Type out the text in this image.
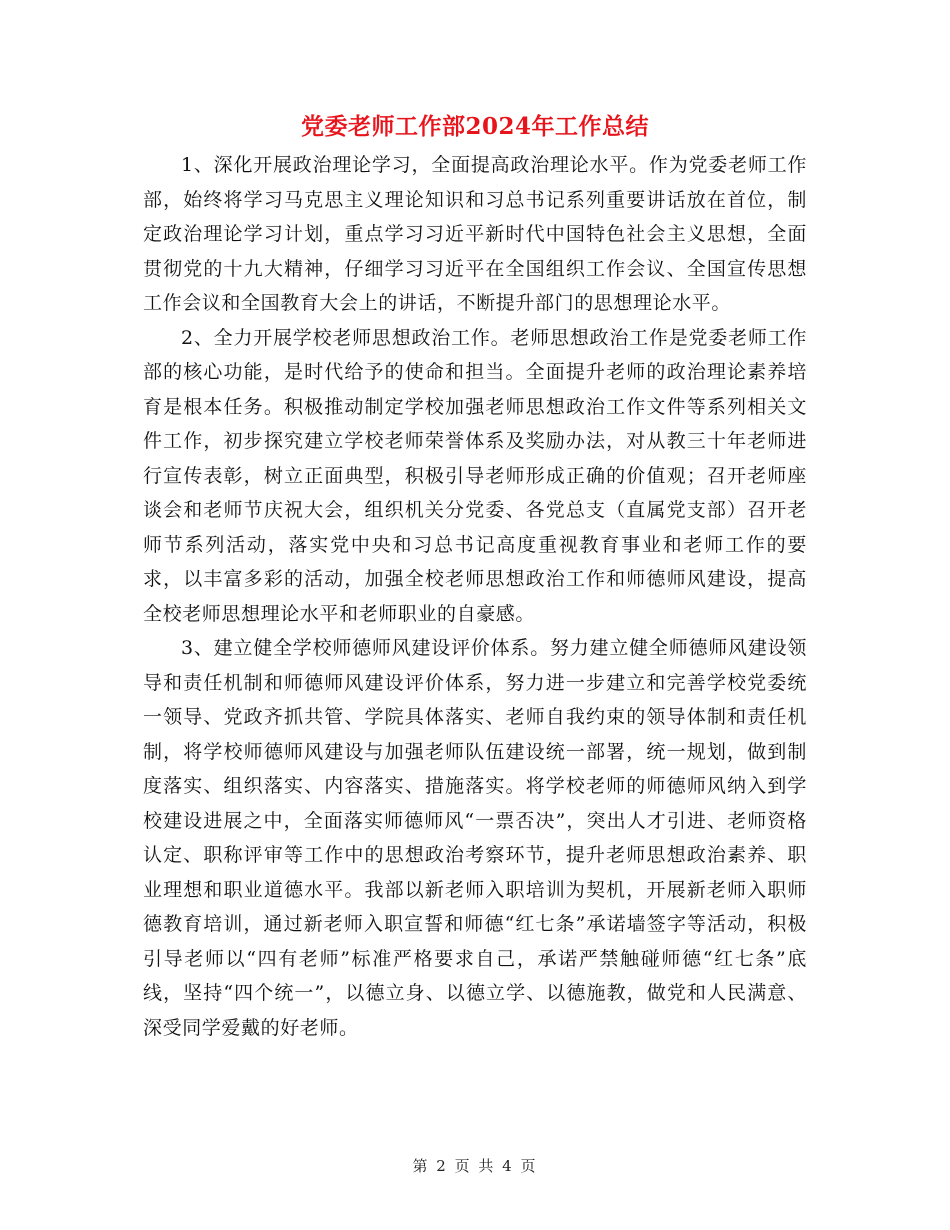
党委老师工作部2024年工作总结

1、深化开展政治理论学习，全面提高政治理论水平。作为党委老师工作部，始终将学习马克思主义理论知识和习总书记系列重要讲话放在首位，制定政治理论学习计划，重点学习习近平新时代中国特色社会主义思想，全面贯彻党的十九大精神，仔细学习习近平在全国组织工作会议、全国宣传思想工作会议和全国教育大会上的讲话，不断提升部门的思想理论水平。

2、全力开展学校老师思想政治工作。老师思想政治工作是党委老师工作部的核心功能，是时代给予的使命和担当。全面提升老师的政治理论素养培育是根本任务。积极推动制定学校加强老师思想政治工作文件等系列相关文件工作，初步探究建立学校老师荣誉体系及奖励办法，对从教三十年老师进行宣传表彰，树立正面典型，积极引导老师形成正确的价值观；召开老师座谈会和老师节庆祝大会，组织机关分党委、各党总支（直属党支部）召开老师节系列活动，落实党中央和习总书记高度重视教育事业和老师工作的要求，以丰富多彩的活动，加强全校老师思想政治工作和师德师风建设，提高全校老师思想理论水平和老师职业的自豪感。

3、建立健全学校师德师风建设评价体系。努力建立健全师德师风建设领导和责任机制和师德师风建设评价体系，努力进一步建立和完善学校党委统一领导、党政齐抓共管、学院具体落实、老师自我约束的领导体制和责任机制，将学校师德师风建设与加强老师队伍建设统一部署，统一规划，做到制度落实、组织落实、内容落实、措施落实。将学校老师的师德师风纳入到学校建设进展之中，全面落实师德师风“一票否决”，突出人才引进、老师资格认定、职称评审等工作中的思想政治考察环节，提升老师思想政治素养、职业理想和职业道德水平。我部以新老师入职培训为契机，开展新老师入职师德教育培训，通过新老师入职宣誓和师德“红七条”承诺墙签字等活动，积极引导老师以“四有老师”标准严格要求自己，承诺严禁触碰师德“红七条”底线，坚持“四个统一”，以德立身、以德立学、以德施教，做党和人民满意、深受同学爱戴的好老师。

第 2 页 共 4 页
